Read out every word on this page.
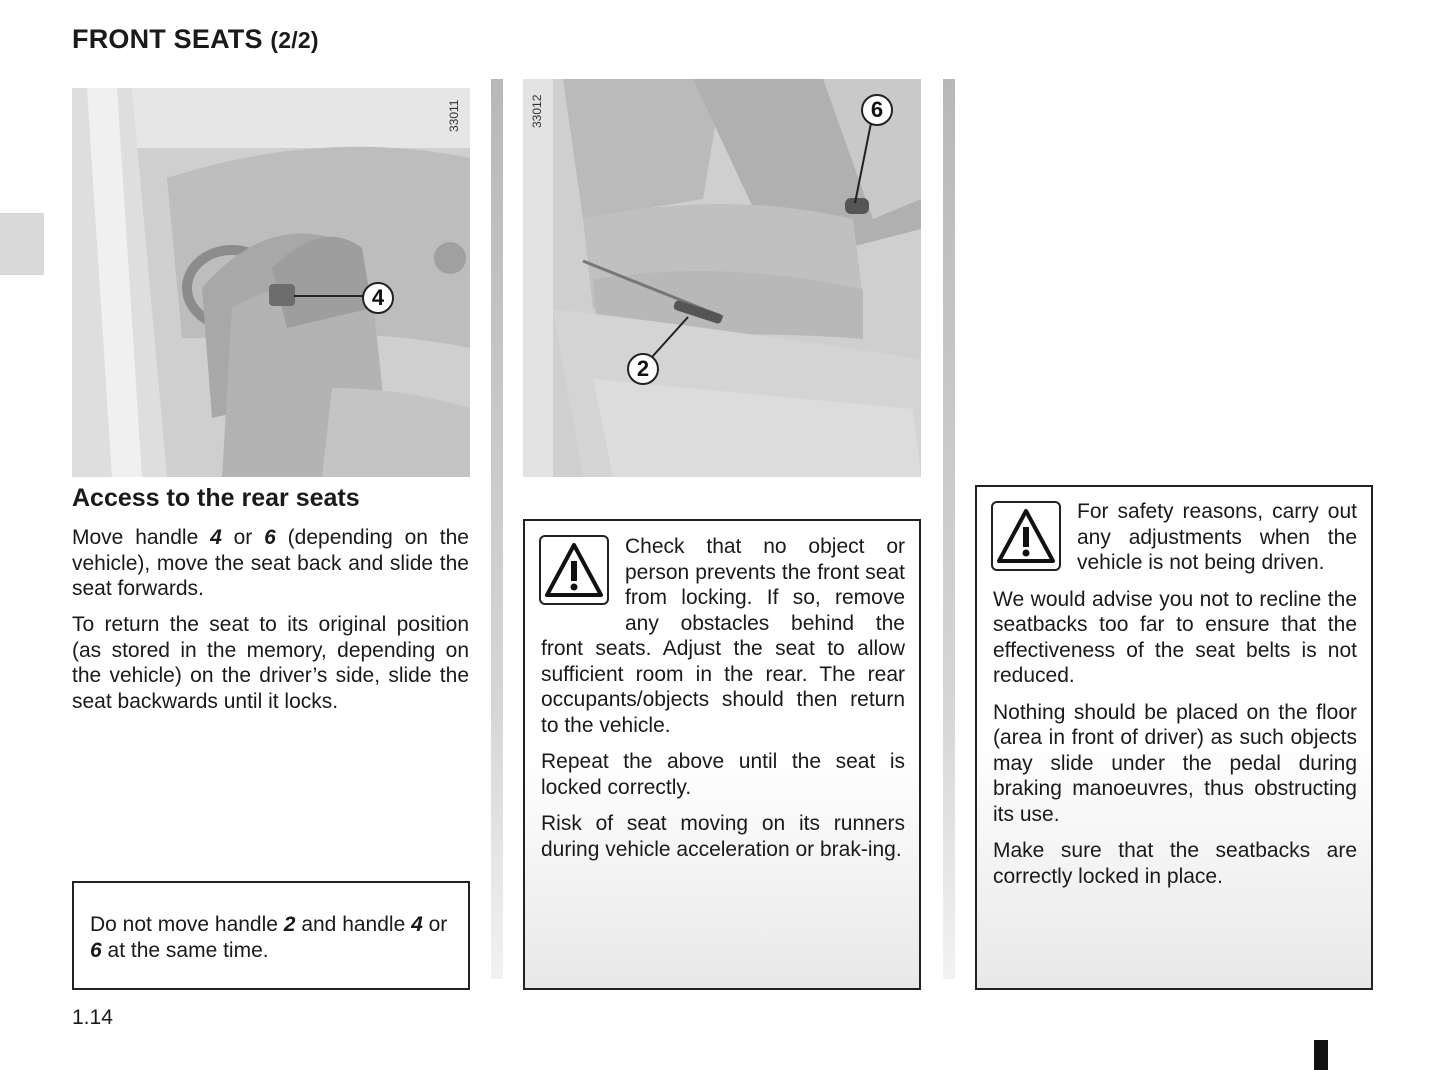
FRONT SEATS (2/2)
4
33011	6
2
33012
Access to the rear seats

Move handle 4 or 6 (depending on the vehicle), move the seat back and slide the seat forwards.

To return the seat to its original position (as stored in the memory, depending on the vehicle) on the driver’s side, slide the seat backwards until it locks.

Do not move handle 2 and handle 4 or 6 at the same time.

Check that no object or person prevents the front seat from locking. If so, remove any obstacles behind the front seats. Adjust the seat to allow sufficient room in the rear. The rear occupants/objects should then return to the vehicle.

Repeat the above until the seat is locked correctly.

Risk of seat moving on its runners during vehicle acceleration or brak-ing.

For safety reasons, carry out any adjustments when the vehicle is not being driven.

We would advise you not to recline the seatbacks too far to ensure that the effectiveness of the seat belts is not reduced.

Nothing should be placed on the floor (area in front of driver) as such objects may slide under the pedal during braking manoeuvres, thus obstructing its use.

Make sure that the seatbacks are correctly locked in place.

1.14
